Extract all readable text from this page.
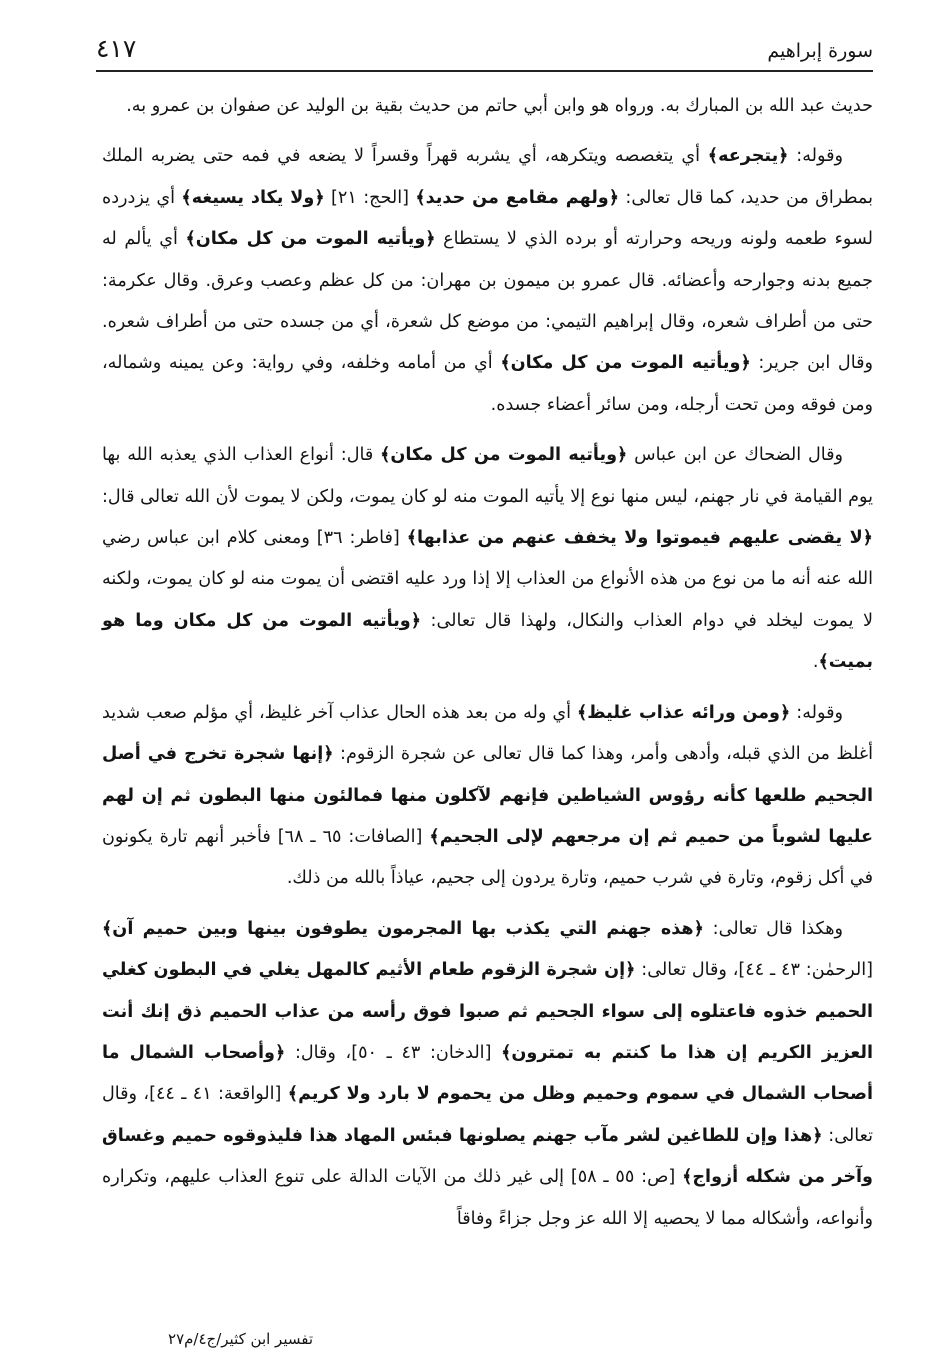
٤١٧	سورة إبراهيم

حديث عبد الله بن المبارك به. ورواه هو وابن أبي حاتم من حديث بقية بن الوليد عن صفوان بن عمرو به.

وقوله: ﴿يتجرعه﴾ أي يتغصصه ويتكرهه، أي يشربه قهراً وقسراً لا يضعه في فمه حتى يضربه الملك بمطراق من حديد، كما قال تعالى: ﴿ولهم مقامع من حديد﴾ [الحج: ٢١] ﴿ولا يكاد يسيغه﴾ أي يزدرده لسوء طعمه ولونه وريحه وحرارته أو برده الذي لا يستطاع ﴿ويأتيه الموت من كل مكان﴾ أي يألم له جميع بدنه وجوارحه وأعضائه. قال عمرو بن ميمون بن مهران: من كل عظم وعصب وعرق. وقال عكرمة: حتى من أطراف شعره، وقال إبراهيم التيمي: من موضع كل شعرة، أي من جسده حتى من أطراف شعره. وقال ابن جرير: ﴿ويأتيه الموت من كل مكان﴾ أي من أمامه وخلفه، وفي رواية: وعن يمينه وشماله، ومن فوقه ومن تحت أرجله، ومن سائر أعضاء جسده.

وقال الضحاك عن ابن عباس ﴿ويأتيه الموت من كل مكان﴾ قال: أنواع العذاب الذي يعذبه الله بها يوم القيامة في نار جهنم، ليس منها نوع إلا يأتيه الموت منه لو كان يموت، ولكن لا يموت لأن الله تعالى قال: ﴿لا يقضى عليهم فيموتوا ولا يخفف عنهم من عذابها﴾ [فاطر: ٣٦] ومعنى كلام ابن عباس رضي الله عنه أنه ما من نوع من هذه الأنواع من العذاب إلا إذا ورد عليه اقتضى أن يموت منه لو كان يموت، ولكنه لا يموت ليخلد في دوام العذاب والنكال، ولهذا قال تعالى: ﴿ويأتيه الموت من كل مكان وما هو بميت﴾.

وقوله: ﴿ومن ورائه عذاب غليظ﴾ أي وله من بعد هذه الحال عذاب آخر غليظ، أي مؤلم صعب شديد أغلظ من الذي قبله، وأدهى وأمر، وهذا كما قال تعالى عن شجرة الزقوم: ﴿إنها شجرة تخرج في أصل الجحيم طلعها كأنه رؤوس الشياطين فإنهم لآكلون منها فمالئون منها البطون ثم إن لهم عليها لشوباً من حميم ثم إن مرجعهم لإلى الجحيم﴾ [الصافات: ٦٥ ـ ٦٨] فأخبر أنهم تارة يكونون في أكل زقوم، وتارة في شرب حميم، وتارة يردون إلى جحيم، عياذاً بالله من ذلك.

وهكذا قال تعالى: ﴿هذه جهنم التي يكذب بها المجرمون يطوفون بينها وبين حميم آن﴾ [الرحمٰن: ٤٣ ـ ٤٤]، وقال تعالى: ﴿إن شجرة الزقوم طعام الأثيم كالمهل يغلي في البطون كغلي الحميم خذوه فاعتلوه إلى سواء الجحيم ثم صبوا فوق رأسه من عذاب الحميم ذق إنك أنت العزيز الكريم إن هذا ما كنتم به تمترون﴾ [الدخان: ٤٣ ـ ٥٠]، وقال: ﴿وأصحاب الشمال ما أصحاب الشمال في سموم وحميم وظل من يحموم لا بارد ولا كريم﴾ [الواقعة: ٤١ ـ ٤٤]، وقال تعالى: ﴿هذا وإن للطاغين لشر مآب جهنم يصلونها فبئس المهاد هذا فليذوقوه حميم وغساق وآخر من شكله أزواج﴾ [ص: ٥٥ ـ ٥٨] إلى غير ذلك من الآيات الدالة على تنوع العذاب عليهم، وتكراره وأنواعه، وأشكاله مما لا يحصيه إلا الله عز وجل جزاءً وفاقاً

تفسير ابن كثير/ج٤/م٢٧
